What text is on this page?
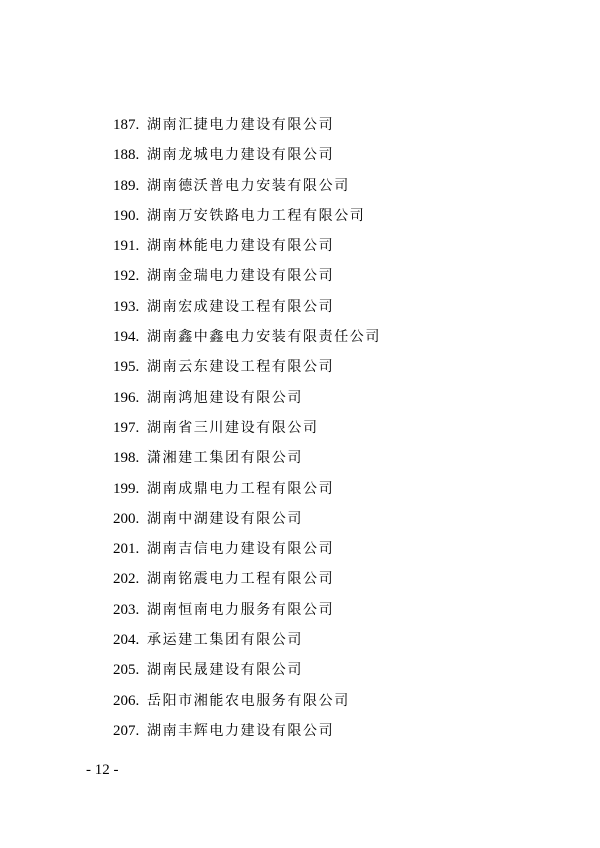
187. 湖南汇捷电力建设有限公司
188. 湖南龙城电力建设有限公司
189. 湖南德沃普电力安装有限公司
190. 湖南万安铁路电力工程有限公司
191. 湖南林能电力建设有限公司
192. 湖南金瑞电力建设有限公司
193. 湖南宏成建设工程有限公司
194. 湖南鑫中鑫电力安装有限责任公司
195. 湖南云东建设工程有限公司
196. 湖南鸿旭建设有限公司
197. 湖南省三川建设有限公司
198. 潇湘建工集团有限公司
199. 湖南成鼎电力工程有限公司
200. 湖南中湖建设有限公司
201. 湖南吉信电力建设有限公司
202. 湖南铭震电力工程有限公司
203. 湖南恒南电力服务有限公司
204. 承运建工集团有限公司
205. 湖南民晟建设有限公司
206. 岳阳市湘能农电服务有限公司
207. 湖南丰辉电力建设有限公司
- 12 -
